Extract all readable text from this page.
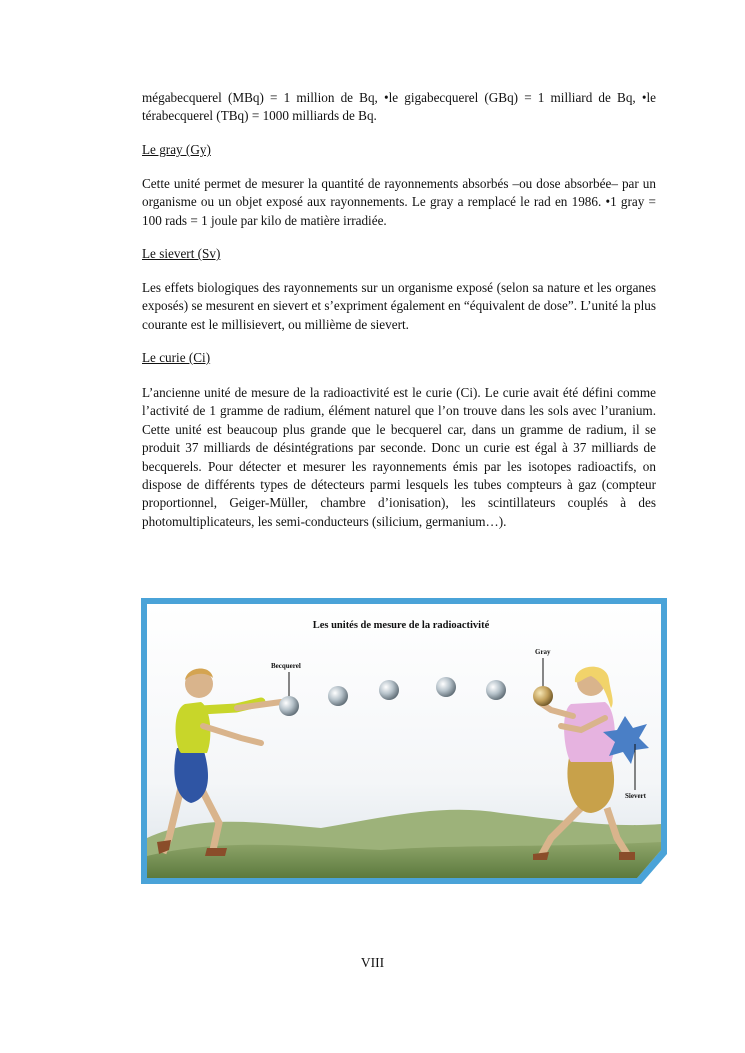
mégabecquerel (MBq) = 1 million de Bq, •le gigabecquerel (GBq) = 1 milliard de Bq, •le térabecquerel (TBq) = 1000 milliards de Bq.

Le gray (Gy)

Cette unité permet de mesurer la quantité de rayonnements absorbés –ou dose absorbée– par un organisme ou un objet exposé aux rayonnements. Le gray a remplacé le rad en 1986. •1 gray = 100 rads = 1 joule par kilo de matière irradiée.

Le sievert (Sv)

Les effets biologiques des rayonnements sur un organisme exposé (selon sa nature et les organes exposés) se mesurent en sievert et s’expriment également en “équivalent de dose”. L’unité la plus courante est le millisievert, ou millième de sievert.

Le curie (Ci)

L’ancienne unité de mesure de la radioactivité est le curie (Ci). Le curie avait été défini comme l’activité de 1 gramme de radium, élément naturel que l’on trouve dans les sols avec l’uranium. Cette unité est beaucoup plus grande que le becquerel car, dans un gramme de radium, il se produit 37 milliards de désintégrations par seconde. Donc un curie est égal à 37 milliards de becquerels. Pour détecter et mesurer les rayonnements émis par les isotopes radioactifs, on dispose de différents types de détecteurs parmi lesquels les tubes compteurs à gaz (compteur proportionnel, Geiger-Müller, chambre d’ionisation), les scintillateurs couplés à des photomultiplicateurs, les semi-conducteurs (silicium, germanium…).

Les unités de mesure de la radioactivité
Becquerel
Gray
Sievert
VIII
